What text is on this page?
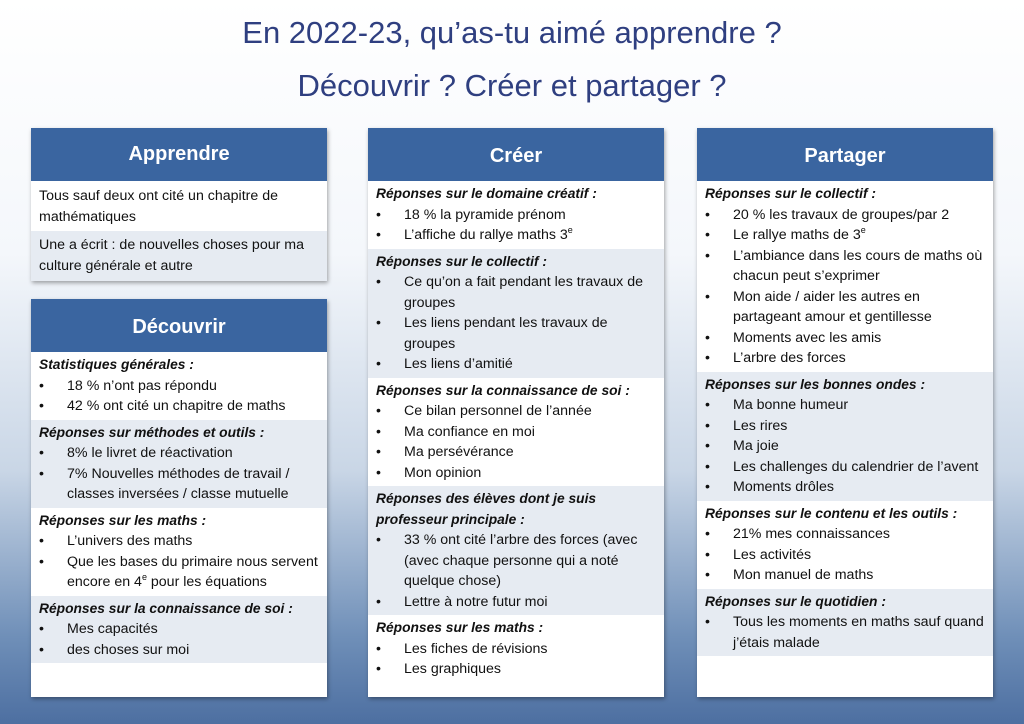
En 2022-23, qu’as-tu aimé apprendre ?
Découvrir ? Créer et partager ?
Apprendre
Tous sauf deux ont cité un chapitre de mathématiques
Une a écrit : de nouvelles choses pour ma culture générale et autre
Découvrir
Statistiques générales :
• 18 % n’ont pas répondu
• 42 % ont cité un chapitre de maths
Réponses sur méthodes et outils :
• 8% le livret de réactivation
• 7% Nouvelles méthodes de travail / classes inversées / classe mutuelle
Réponses sur les maths :
• L’univers des maths
• Que les bases du primaire nous servent encore en 4e pour les équations
Réponses sur la connaissance de soi :
• Mes capacités
• des choses sur moi
Créer
Réponses sur le domaine créatif :
• 18 % la pyramide prénom
• L’affiche du rallye maths 3e
Réponses sur le collectif :
• Ce qu’on a fait pendant les travaux de groupes
• Les liens pendant les travaux de groupes
• Les liens d’amitié
Réponses sur la connaissance de soi :
• Ce bilan personnel de l’année
• Ma confiance en moi
• Ma persévérance
• Mon opinion
Réponses des élèves dont je suis professeur principale :
• 33 % ont cité l’arbre des forces (avec (avec chaque personne qui a noté quelque chose)
• Lettre à notre futur moi
Réponses sur les maths :
• Les fiches de révisions
• Les graphiques
Partager
Réponses sur le collectif :
• 20 % les travaux de groupes/par 2
• Le rallye maths de 3e
• L’ambiance dans les cours de maths où chacun peut s’exprimer
• Mon aide / aider les autres en partageant amour et gentillesse
• Moments avec les amis
• L’arbre des forces
Réponses sur les bonnes ondes :
• Ma bonne humeur
• Les rires
• Ma joie
• Les challenges du calendrier de l’avent
• Moments drôles
Réponses sur le contenu et les outils :
• 21% mes connaissances
• Les activités
• Mon manuel de maths
Réponses sur le quotidien :
• Tous les moments en maths sauf quand j’étais malade
